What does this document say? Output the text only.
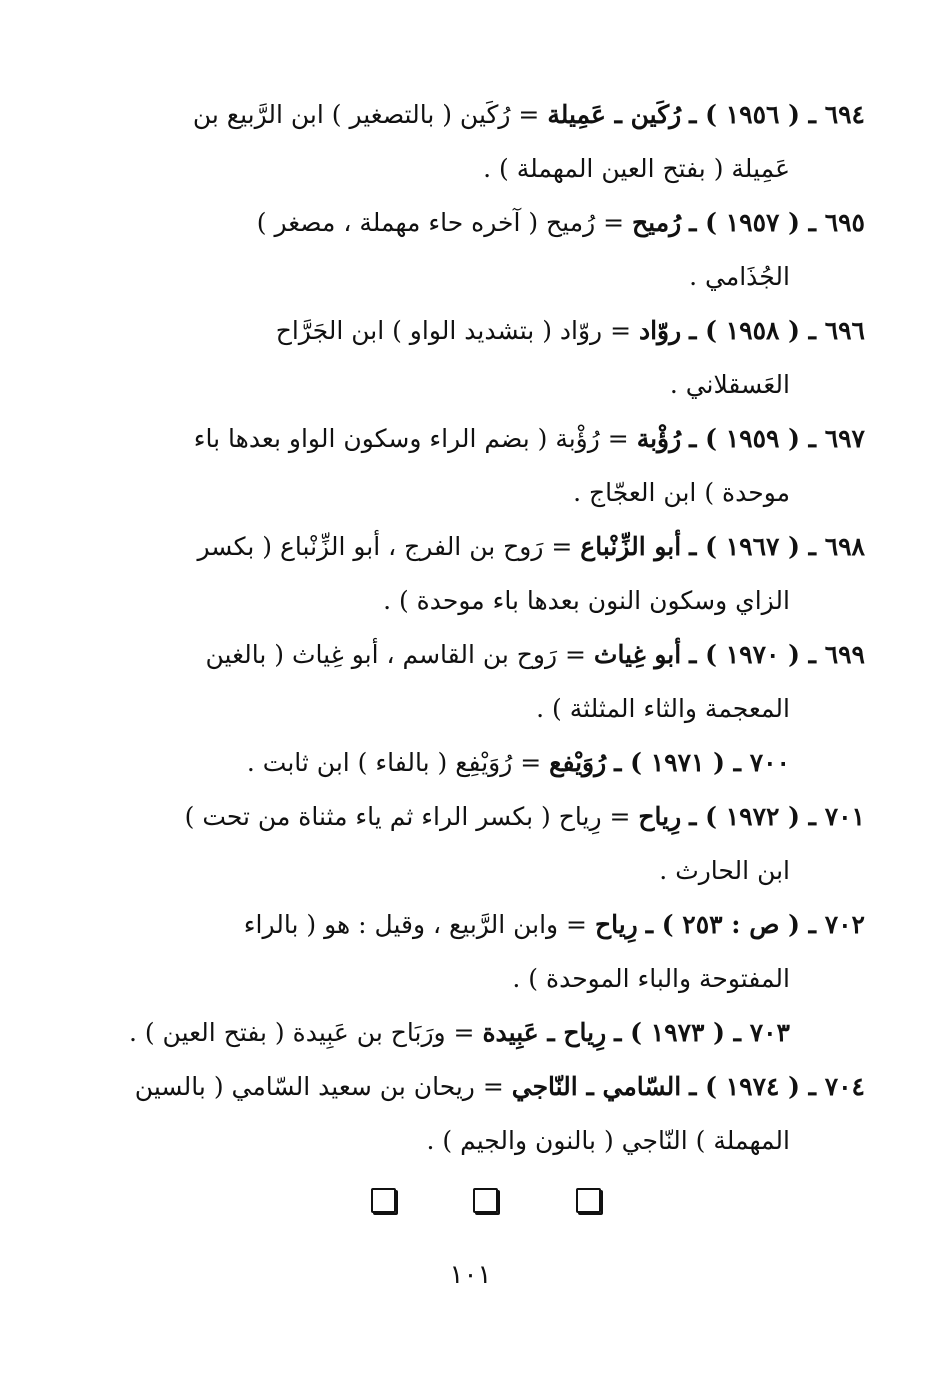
٦٩٤ ـ ( ١٩٥٦ ) ـ رُكَين ـ عَمِيلة = رُكَين ( بالتصغير ) ابن الرَّبيع بن

عَمِيلة ( بفتح العين المهملة ) .

٦٩٥ ـ ( ١٩٥٧ ) ـ رُميح = رُميح ( آخره حاء مهملة ، مصغر )

الجُذَامي .

٦٩٦ ـ ( ١٩٥٨ ) ـ روّاد = روّاد ( بتشديد الواو ) ابن الجَرَّاح

العَسقلاني .

٦٩٧ ـ ( ١٩٥٩ ) ـ رُؤْبة = رُؤْبة ( بضم الراء وسكون الواو بعدها باء

موحدة ) ابن العجّاج .

٦٩٨ ـ ( ١٩٦٧ ) ـ أبو الزِّنْباع = رَوح بن الفرج ، أبو الزِّنْباع ( بكسر

الزاي وسكون النون بعدها باء موحدة ) .

٦٩٩ ـ ( ١٩٧٠ ) ـ أبو غِياث = رَوح بن القاسم ، أبو غِياث ( بالغين

المعجمة والثاء المثلثة ) .

٧٠٠ ـ ( ١٩٧١ ) ـ رُوَيْفع = رُوَيْفِع ( بالفاء ) ابن ثابت .

٧٠١ ـ ( ١٩٧٢ ) ـ رِياح = رِياح ( بكسر الراء ثم ياء مثناة من تحت )

ابن الحارث .

٧٠٢ ـ ( ص : ٢٥٣ ) ـ رِياح = وابن الرَّبيع ، وقيل : هو ( بالراء

المفتوحة والباء الموحدة ) .

٧٠٣ ـ ( ١٩٧٣ ) ـ رِياح ـ عَبِيدة = ورَبَاح بن عَبِيدة ( بفتح العين ) .

٧٠٤ ـ ( ١٩٧٤ ) ـ السّامي ـ النّاجي = ريحان بن سعيد السّامي ( بالسين

المهملة ) النّاجي ( بالنون والجيم ) .

١٠١
